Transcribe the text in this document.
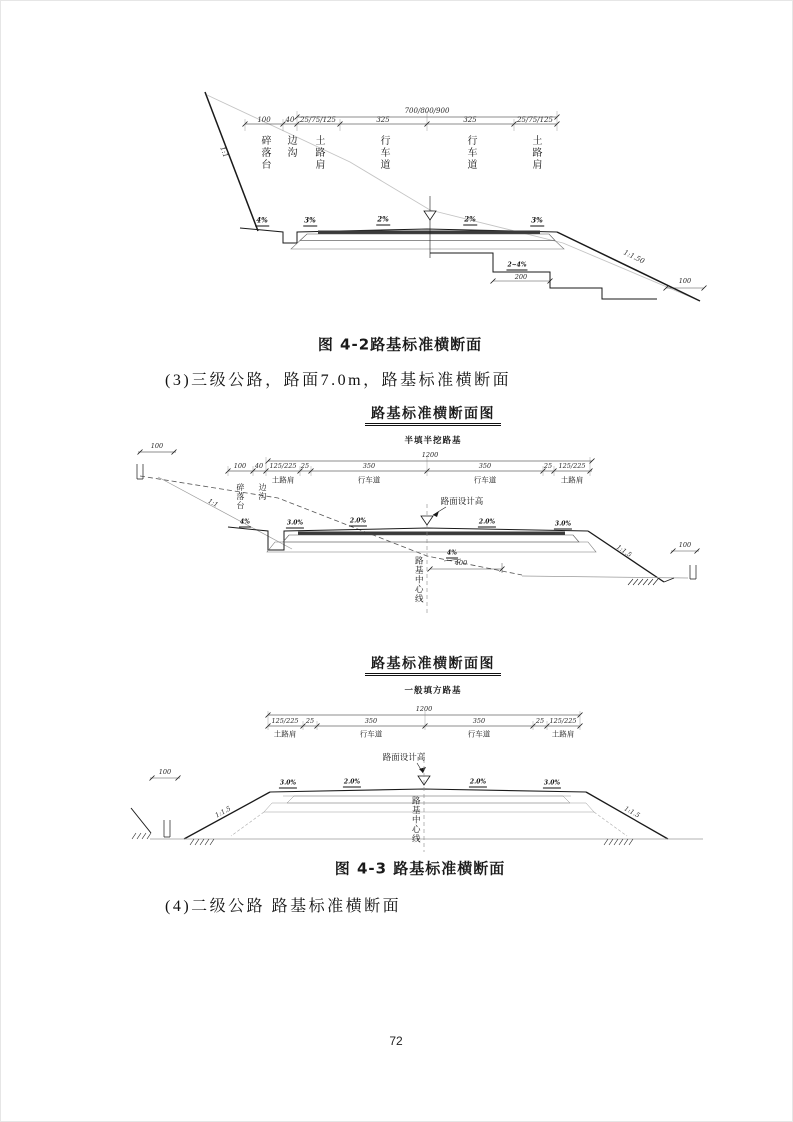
700/800/900
100 40 25/75/125	325	325	25/75/125
碎落台 边沟 土路肩	行车道	行车道	土路肩
4%	3%	2%	2%	3%
1:1
1:1.50
2~4%
200	100
图 4-2路基标准横断面
(3)三级公路，路面7.0m，路基标准横断面
路基标准横断面图
半填半挖路基
100
1200
100 40 125/225 25	350	350	25 125/225
碎落台 边沟
土路肩	行车道	行车道	土路肩
4%	3.0%	2.0%	2.0%	3.0%
路面设计高
路基中心线	400
4%
1:1
1:1.5	100
路基标准横断面图
一般填方路基
1200
125/225 25	350	350	25 125/225
土路肩	行车道	行车道	土路肩
路面设计高
3.0%	2.0%	2.0%	3.0%
1:1.5	1:1.5
路基中心线
100
图 4-3 路基标准横断面
(4)二级公路 路基标准横断面
72
